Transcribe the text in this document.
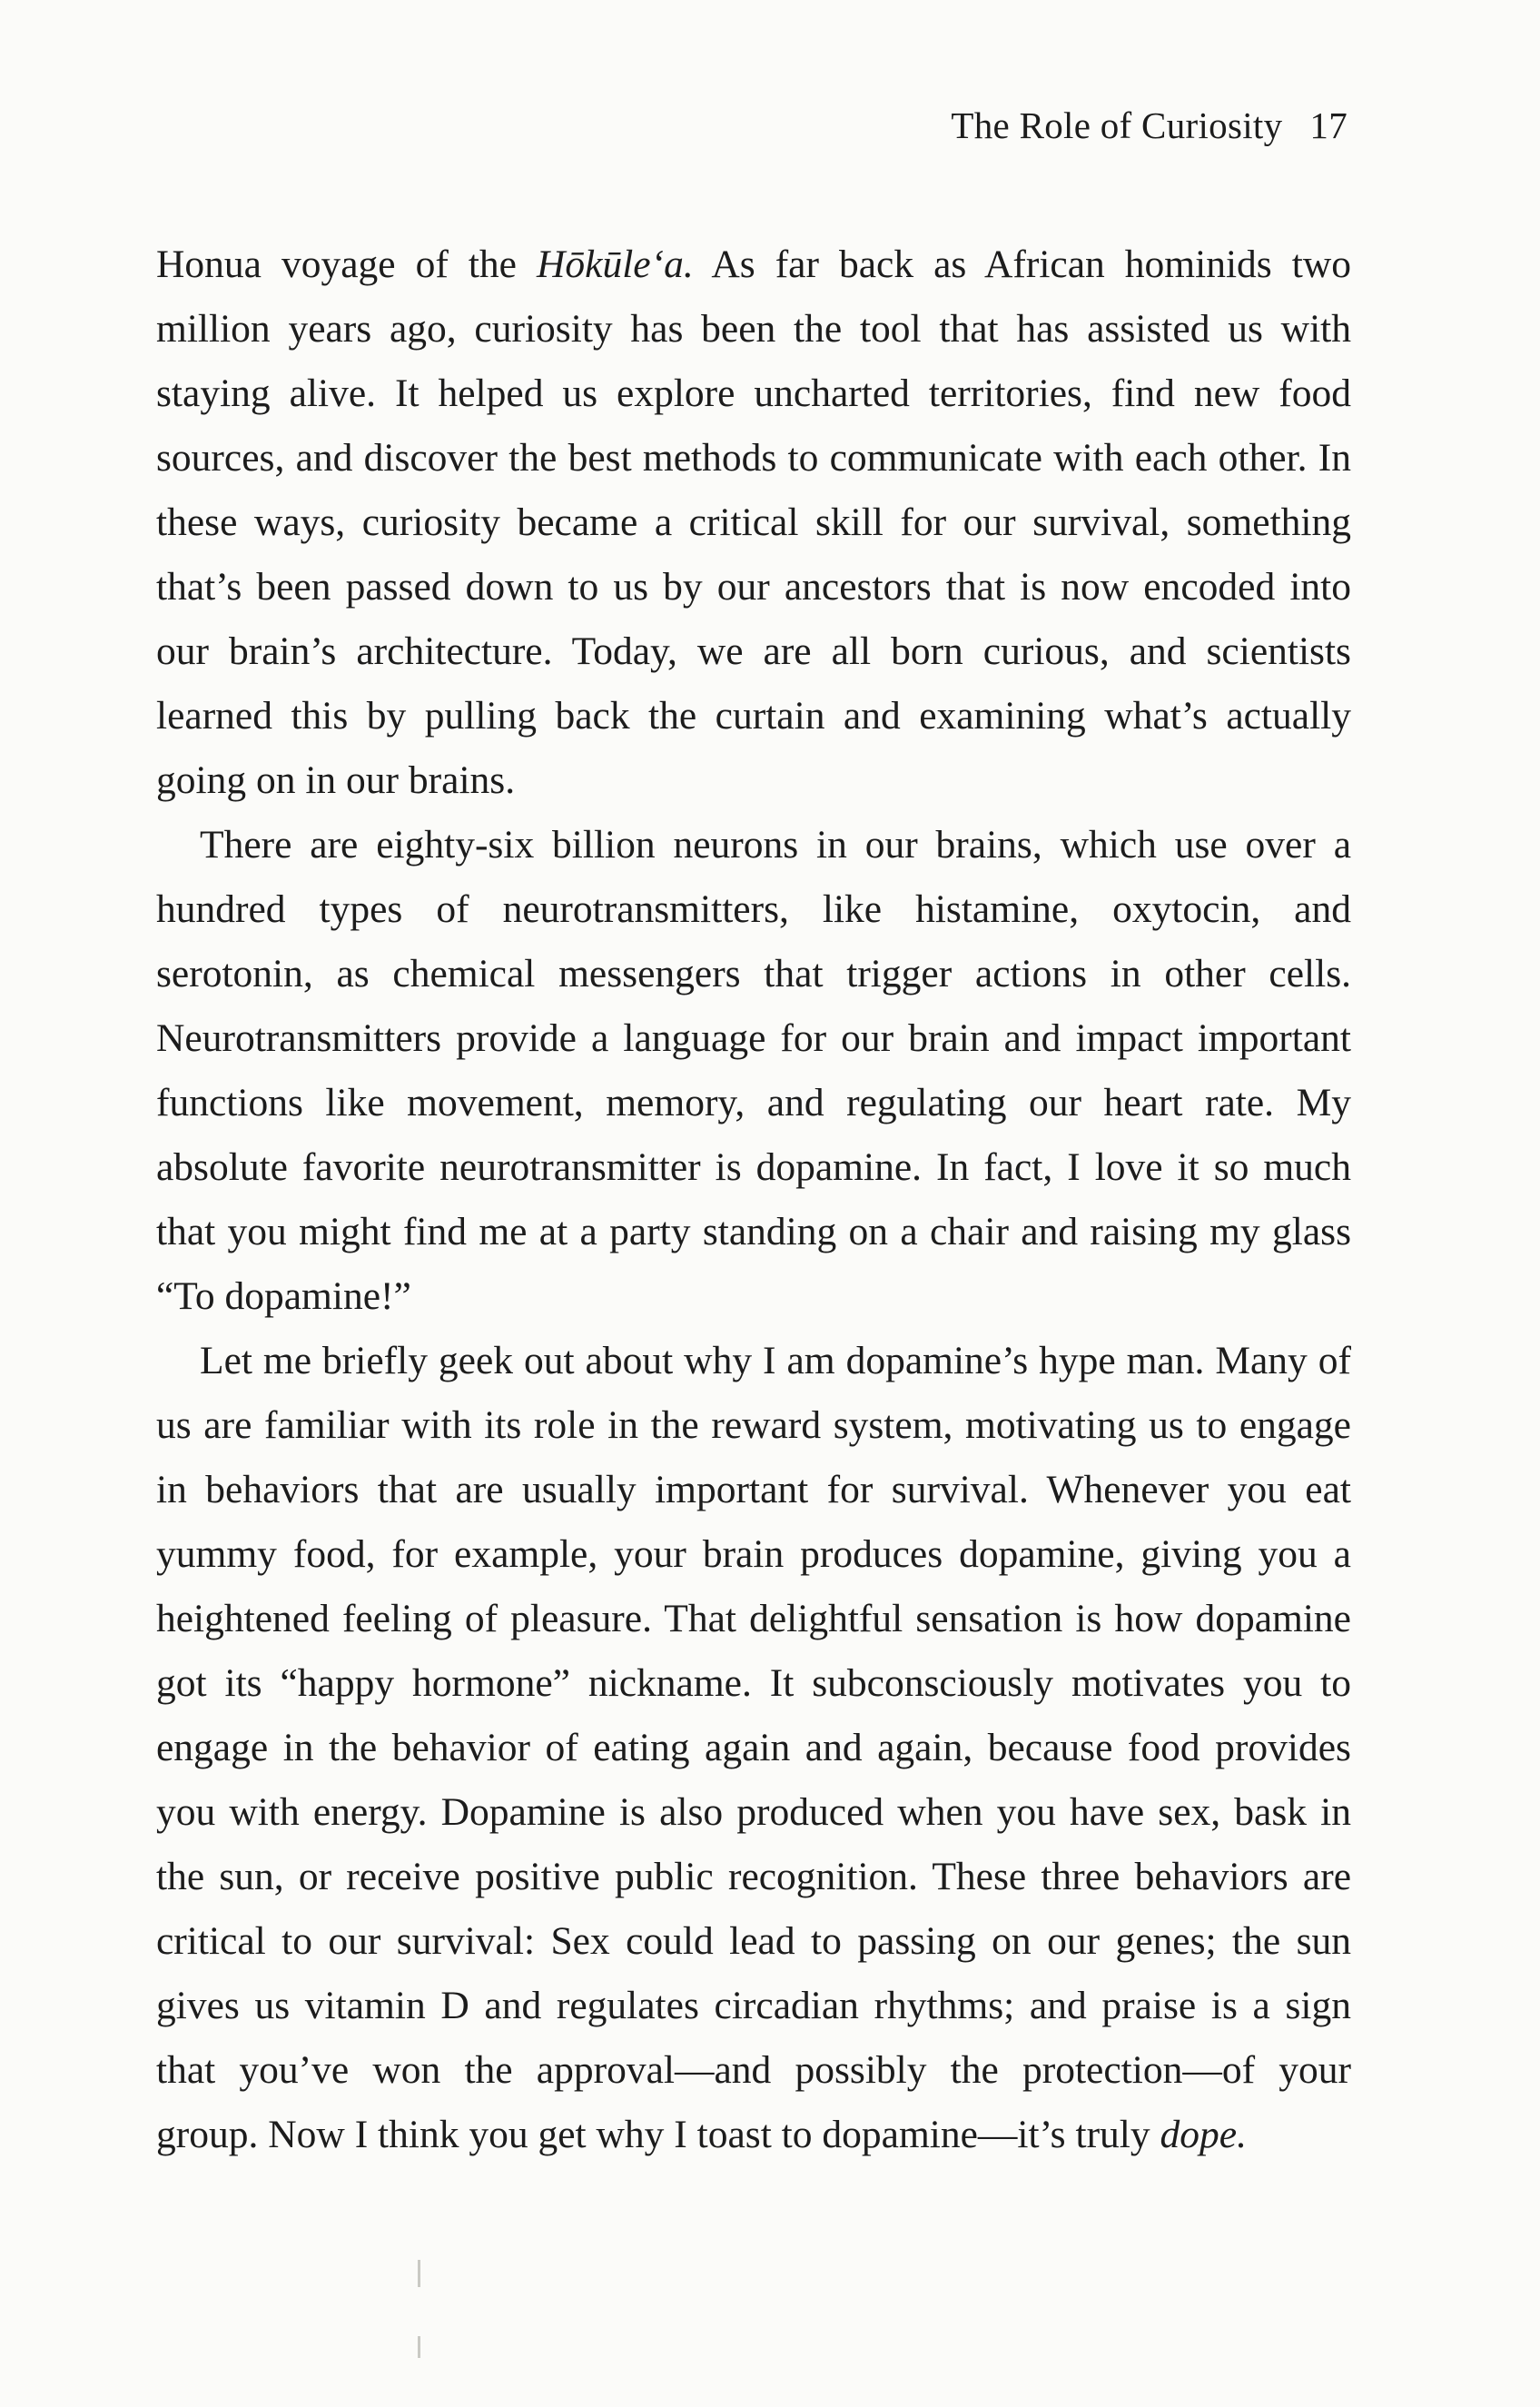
The Role of Curiosity 17

Honua voyage of the Hōkūle‘a. As far back as African hominids two million years ago, curiosity has been the tool that has assisted us with staying alive. It helped us explore uncharted territories, find new food sources, and discover the best methods to communicate with each other. In these ways, curiosity became a critical skill for our survival, something that’s been passed down to us by our ancestors that is now encoded into our brain’s architecture. Today, we are all born curious, and scientists learned this by pulling back the curtain and examining what’s actually going on in our brains.

There are eighty-six billion neurons in our brains, which use over a hundred types of neurotransmitters, like histamine, oxytocin, and serotonin, as chemical messengers that trigger actions in other cells. Neurotransmitters provide a language for our brain and impact important functions like movement, memory, and regulating our heart rate. My absolute favorite neurotransmitter is dopamine. In fact, I love it so much that you might find me at a party standing on a chair and raising my glass “To dopamine!”

Let me briefly geek out about why I am dopamine’s hype man. Many of us are familiar with its role in the reward system, motivating us to engage in behaviors that are usually important for survival. Whenever you eat yummy food, for example, your brain produces dopamine, giving you a heightened feeling of pleasure. That delightful sensation is how dopamine got its “happy hormone” nickname. It subconsciously motivates you to engage in the behavior of eating again and again, because food provides you with energy. Dopamine is also produced when you have sex, bask in the sun, or receive positive public recognition. These three behaviors are critical to our survival: Sex could lead to passing on our genes; the sun gives us vitamin D and regulates circadian rhythms; and praise is a sign that you’ve won the approval—and possibly the protection—of your group. Now I think you get why I toast to dopamine—it’s truly dope.
